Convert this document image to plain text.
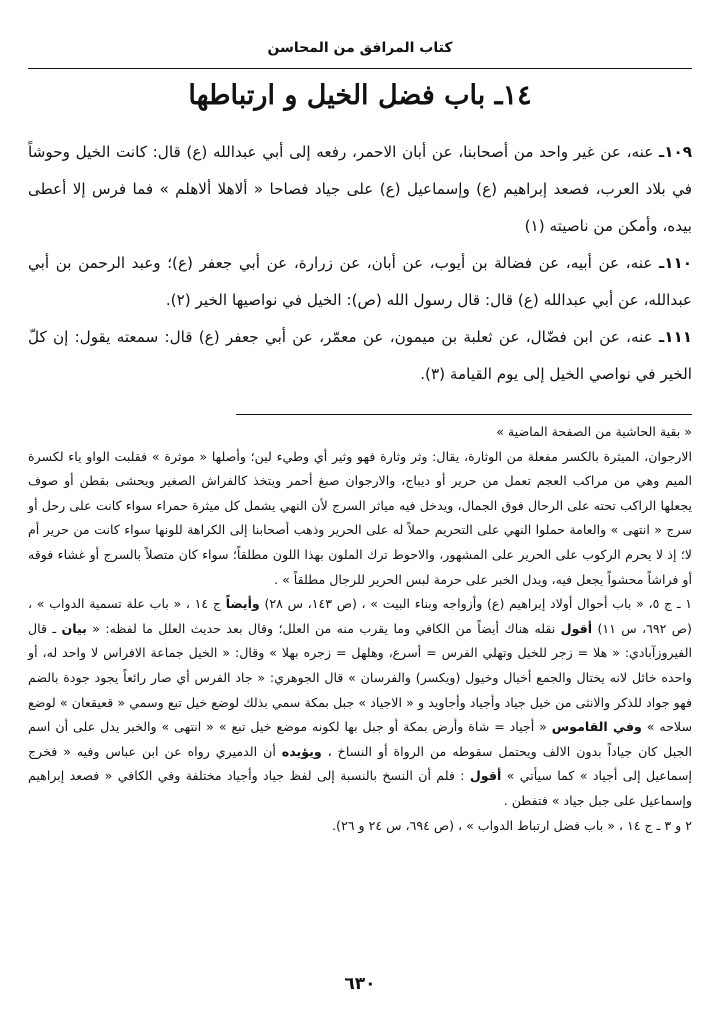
كتاب المرافق من المحاسن
١٤ـ باب فضل الخيل و ارتباطها

١٠٩ـ عنه، عن غير واحد من أصحابنا، عن أبان الاحمر، رفعه إلى أبي عبدالله (ع) قال: كانت الخيل وحوشاً في بلاد العرب، فصعد إبراهيم (ع) وإسماعيل (ع) على جياد فصاحا « ألاهلا ألاهلم » فما فرس إلا أعطى بيده، وأمكن من ناصيته (١)

١١٠ـ عنه، عن أبيه، عن فضالة بن أيوب، عن أبان، عن زرارة، عن أبي جعفر (ع)؛ وعبد الرحمن بن أبي عبدالله، عن أبي عبدالله (ع) قال: قال رسول الله (ص): الخيل في نواصيها الخير (٢).

١١١ـ عنه، عن ابن فضّال، عن ثعلبة بن ميمون، عن معمّر، عن أبي جعفر (ع) قال: سمعته يقول: إن كلّ الخير في نواصي الخيل إلى يوم القيامة (٣).

« بقية الحاشية من الصفحة الماضية »

الارجوان، الميثرة بالكسر مفعلة من الوثارة، يقال: وثر وثارة فهو وثير أي وطيء لين؛ وأصلها « موثرة » فقلبت الواو ياء لكسرة الميم وهي من مراكب العجم تعمل من حرير أو ديباج، والارجوان صبغ أحمر ويتخذ كالفراش الصغير ويحشى بقطن أو صوف يجعلها الراكب تحته على الرحال فوق الجمال، ويدخل فيه مياثر السرج لأن النهي يشمل كل ميثرة حمراء سواء كانت على رحل أو سرج « انتهى » والعامة حملوا النهي على التحريم حملاً له على الحرير وذهب أصحابنا إلى الكراهة للونها سواء كانت من حرير أم لا؛ إذ لا يحرم الركوب على الحرير على المشهور، والاحوط ترك الملون بهذا اللون مطلقاً؛ سواء كان متصلاً بالسرج أو غشاء فوقه أو فراشاً محشواً يجعل فيه، ويدل الخبر على حرمة لبس الحرير للرجال مطلقاً » .

١ ـ ج ٥، « باب أحوال أولاد إبراهيم (ع) وأزواجه وبناء البيت » ، (ص ١٤٣، س ٢٨) وأيضاً ج ١٤ ، « باب علة تسمية الدواب » ، (ص ٦٩٢، س ١١) أقول نقله هناك أيضاً من الكافي وما يقرب منه من العلل؛ وقال بعد حديث العلل ما لفظه: « بيان ـ قال الفيروزآبادي: « هلا = زجر للخيل وتهلي الفرس = أسرع، وهلهل = زجره بهلا » وقال: « الخيل جماعة الافراس لا واحد له، أو واحده خائل لانه يختال والجمع أخيال وخيول (ويكسر) والفرسان » قال الجوهري: « جاد الفرس أي صار رائعاً يجود جودة بالضم فهو جواد للذكر والانثى من خيل جياد وأجياد وأجاويد و « الاجياد » جبل بمكة سمي بذلك لوضع خيل تبع وسمي « قعيقعان » لوضع سلاحه » وفي القاموس « أجياد = شاة وأرض بمكة أو جبل بها لكونه موضع خيل تبع » « انتهى » والخبر يدل على أن اسم الجبل كان جياداً بدون الالف ويحتمل سقوطه من الرواة أو النساخ ، ويؤيده أن الدميري رواه عن ابن عباس وفيه « فخرج إسماعيل إلى أجياد » كما سيأتي » أقول : فلم أن النسخ بالنسبة إلى لفظ جياد وأجياد مختلفة وفي الكافي « فصعد إبراهيم وإسماعيل على جبل جياد » فتفطن .

٢ و ٣ ـ ج ١٤ ، « باب فضل ارتباط الدواب » ، (ص ٦٩٤، س ٢٤ و ٢٦).

٦٣٠
